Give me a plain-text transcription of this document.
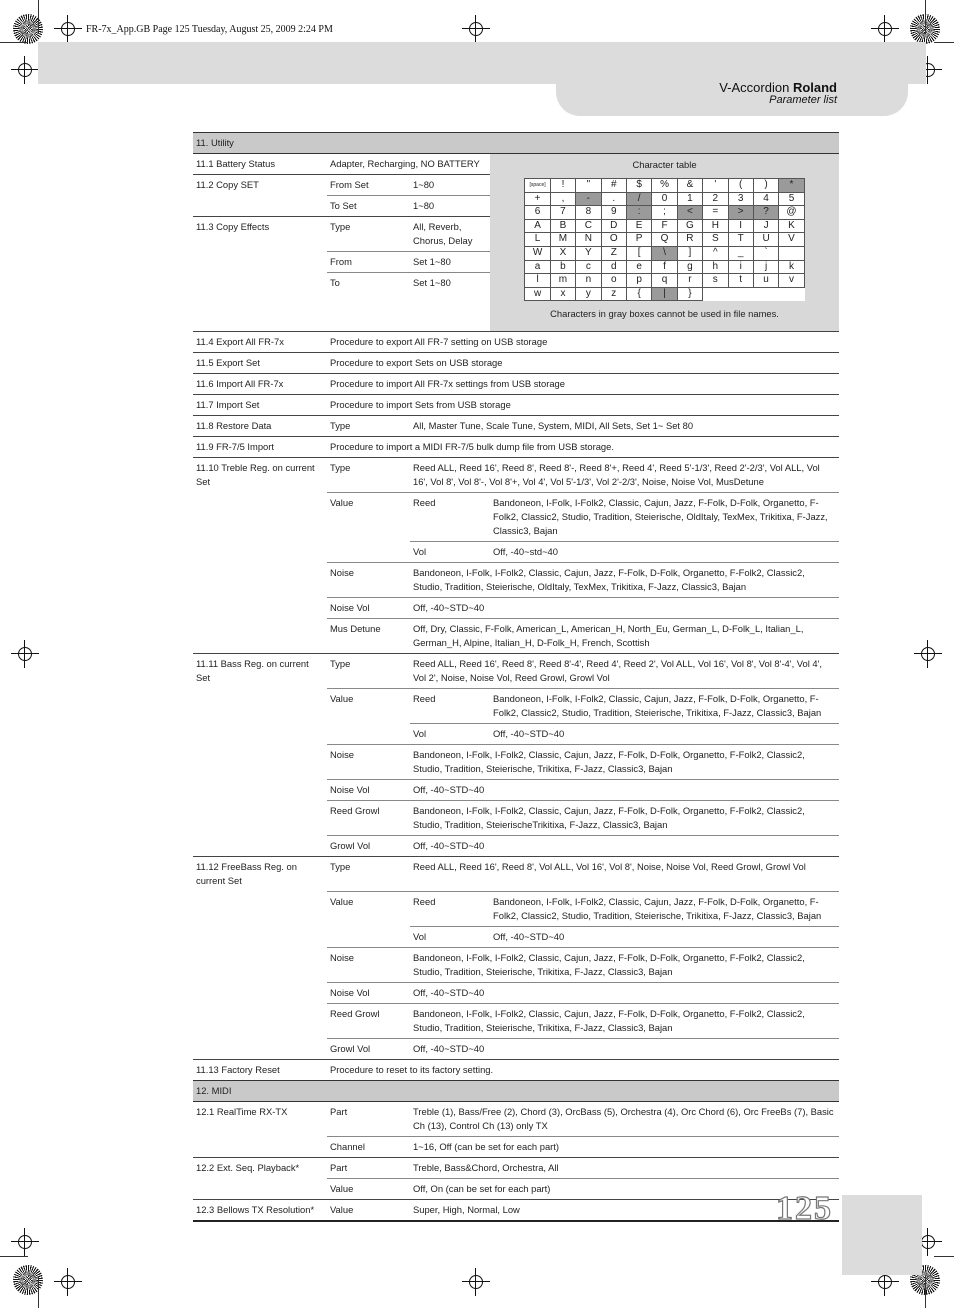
FR-7x_App.GB Page 125 Tuesday, August 25, 2009 2:24 PM
V-Accordion Roland
Parameter list
11. Utility
11.1 Battery Status	Adapter, Recharging, NO BATTERY	Character table
[space]	!	"	#	$	%	&	'	(	)	*
+	,	-	.	/	0	1	2	3	4	5
6	7	8	9	:	;	<	=	>	?	@
A	B	C	D	E	F	G	H	I	J	K
L	M	N	O	P	Q	R	S	T	U	V
W	X	Y	Z	[	\	]	^	_	`	
a	b	c	d	e	f	g	h	i	j	k
l	m	n	o	p	q	r	s	t	u	v
w	x	y	z	{	|	}	
Characters in gray boxes cannot be used in file names.

11.2 Copy SET	From Set	1~80
	To Set	1~80
11.3 Copy Effects	Type	All, Reverb, Chorus, Delay
	From	Set 1~80
	To	Set 1~80
11.4 Export All FR-7x	Procedure to export All FR-7 setting on USB storage
11.5 Export Set	Procedure to export Sets on USB storage
11.6 Import All FR-7x	Procedure to import All FR-7x settings from USB storage
11.7 Import Set	Procedure to import Sets from USB storage
11.8 Restore Data	Type	All, Master Tune, Scale Tune, System, MIDI, All Sets, Set 1~ Set 80
11.9 FR-7/5 Import	Procedure to import a MIDI FR-7/5 bulk dump file from USB storage.
11.10 Treble Reg. on current Set	Type	Reed ALL, Reed 16', Reed 8', Reed 8'-, Reed 8'+, Reed 4', Reed 5'-1/3', Reed 2'-2/3', Vol ALL, Vol 16', Vol 8', Vol 8'-, Vol 8'+, Vol 4', Vol 5'-1/3', Vol 2'-2/3', Noise, Noise Vol, MusDetune
	Value	Reed	Bandoneon, I-Folk, I-Folk2, Classic, Cajun, Jazz, F-Folk, D-Folk, Organetto, F-Folk2, Classic2, Studio, Tradition, Steierische, OldItaly, TexMex, Trikitixa, F-Jazz, Classic3, Bajan
		Vol	Off, -40~std~40
	Noise	Bandoneon, I-Folk, I-Folk2, Classic, Cajun, Jazz, F-Folk, D-Folk, Organetto, F-Folk2, Classic2, Studio, Tradition, Steierische, OldItaly, TexMex, Trikitixa, F-Jazz, Classic3, Bajan
	Noise Vol	Off, -40~STD~40
	Mus Detune	Off, Dry, Classic, F-Folk, American_L, American_H, North_Eu, German_L, D-Folk_L, Italian_L, German_H, Alpine, Italian_H, D-Folk_H, French, Scottish
11.11 Bass Reg. on current Set	Type	Reed ALL, Reed 16', Reed 8', Reed 8'-4', Reed 4', Reed 2', Vol ALL, Vol 16', Vol 8', Vol 8'-4', Vol 4', Vol 2', Noise, Noise Vol, Reed Growl, Growl Vol
	Value	Reed	Bandoneon, I-Folk, I-Folk2, Classic, Cajun, Jazz, F-Folk, D-Folk, Organetto, F-Folk2, Classic2, Studio, Tradition, Steierische, Trikitixa, F-Jazz, Classic3, Bajan
		Vol	Off, -40~STD~40
	Noise	Bandoneon, I-Folk, I-Folk2, Classic, Cajun, Jazz, F-Folk, D-Folk, Organetto, F-Folk2, Classic2, Studio, Tradition, Steierische, Trikitixa, F-Jazz, Classic3, Bajan
	Noise Vol	Off, -40~STD~40
	Reed Growl	Bandoneon, I-Folk, I-Folk2, Classic, Cajun, Jazz, F-Folk, D-Folk, Organetto, F-Folk2, Classic2, Studio, Tradition, SteierischeTrikitixa, F-Jazz, Classic3, Bajan
	Growl Vol	Off, -40~STD~40
11.12 FreeBass Reg. on current Set	Type	Reed ALL, Reed 16', Reed 8', Vol ALL, Vol 16', Vol 8', Noise, Noise Vol, Reed Growl, Growl Vol
	Value	Reed	Bandoneon, I-Folk, I-Folk2, Classic, Cajun, Jazz, F-Folk, D-Folk, Organetto, F-Folk2, Classic2, Studio, Tradition, Steierische, Trikitixa, F-Jazz, Classic3, Bajan
		Vol	Off, -40~STD~40
	Noise	Bandoneon, I-Folk, I-Folk2, Classic, Cajun, Jazz, F-Folk, D-Folk, Organetto, F-Folk2, Classic2, Studio, Tradition, Steierische, Trikitixa, F-Jazz, Classic3, Bajan
	Noise Vol	Off, -40~STD~40
	Reed Growl	Bandoneon, I-Folk, I-Folk2, Classic, Cajun, Jazz, F-Folk, D-Folk, Organetto, F-Folk2, Classic2, Studio, Tradition, Steierische, Trikitixa, F-Jazz, Classic3, Bajan
	Growl Vol	Off, -40~STD~40
11.13 Factory Reset	Procedure to reset to its factory setting.
12. MIDI
12.1 RealTime RX-TX	Part	Treble (1), Bass/Free (2), Chord (3), OrcBass (5), Orchestra (4), Orc Chord (6), Orc FreeBs (7), Basic Ch (13), Control Ch (13) only TX
	Channel	1~16, Off (can be set for each part)
12.2 Ext. Seq. Playback*	Part	Treble, Bass&Chord, Orchestra, All
	Value	Off, On (can be set for each part)
12.3 Bellows TX Resolution*	Value	Super, High, Normal, Low	125
